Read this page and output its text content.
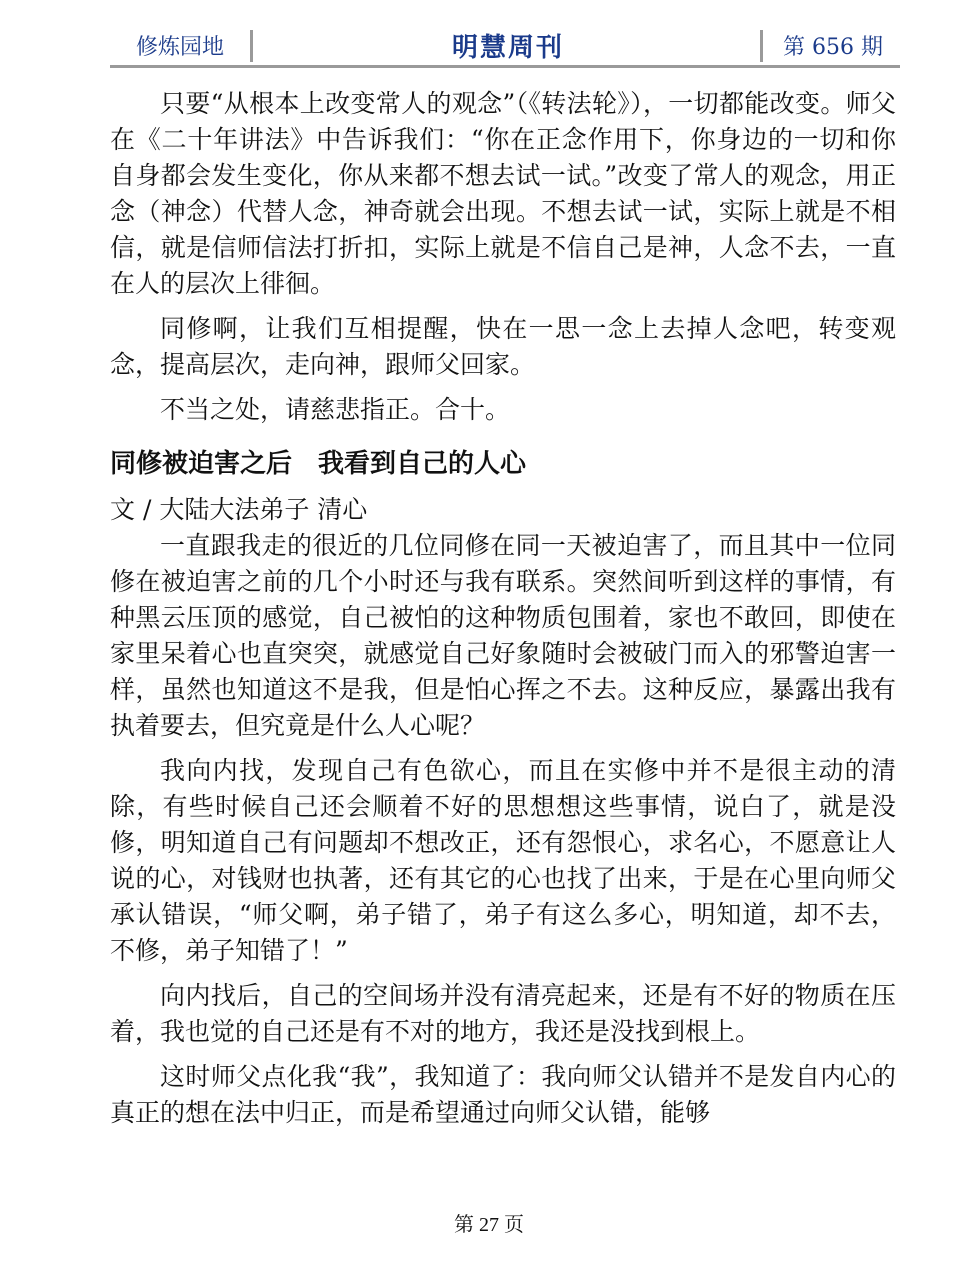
修炼园地	明慧周刊	第 656 期

只要“从根本上改变常人的观念”（《转法轮》），一切都能改变。师父在《二十年讲法》中告诉我们：“你在正念作用下，你身边的一切和你自身都会发生变化，你从来都不想去试一试。”改变了常人的观念，用正念（神念）代替人念，神奇就会出现。不想去试一试，实际上就是不相信，就是信师信法打折扣，实际上就是不信自己是神，人念不去，一直在人的层次上徘徊。

同修啊，让我们互相提醒，快在一思一念上去掉人念吧，转变观念，提高层次，走向神，跟师父回家。

不当之处，请慈悲指正。合十。

同修被迫害之后　我看到自己的人心

文 / 大陆大法弟子 清心

一直跟我走的很近的几位同修在同一天被迫害了，而且其中一位同修在被迫害之前的几个小时还与我有联系。突然间听到这样的事情，有种黑云压顶的感觉，自己被怕的这种物质包围着，家也不敢回，即使在家里呆着心也直突突，就感觉自己好象随时会被破门而入的邪警迫害一样，虽然也知道这不是我，但是怕心挥之不去。这种反应，暴露出我有执着要去，但究竟是什么人心呢？

我向内找，发现自己有色欲心，而且在实修中并不是很主动的清除，有些时候自己还会顺着不好的思想想这些事情，说白了，就是没修，明知道自己有问题却不想改正，还有怨恨心，求名心，不愿意让人说的心，对钱财也执著，还有其它的心也找了出来，于是在心里向师父承认错误，“师父啊，弟子错了，弟子有这么多心，明知道，却不去，不修，弟子知错了！”

向内找后，自己的空间场并没有清亮起来，还是有不好的物质在压着，我也觉的自己还是有不对的地方，我还是没找到根上。

这时师父点化我“我”，我知道了：我向师父认错并不是发自内心的真正的想在法中归正，而是希望通过向师父认错，能够

第 27 页
